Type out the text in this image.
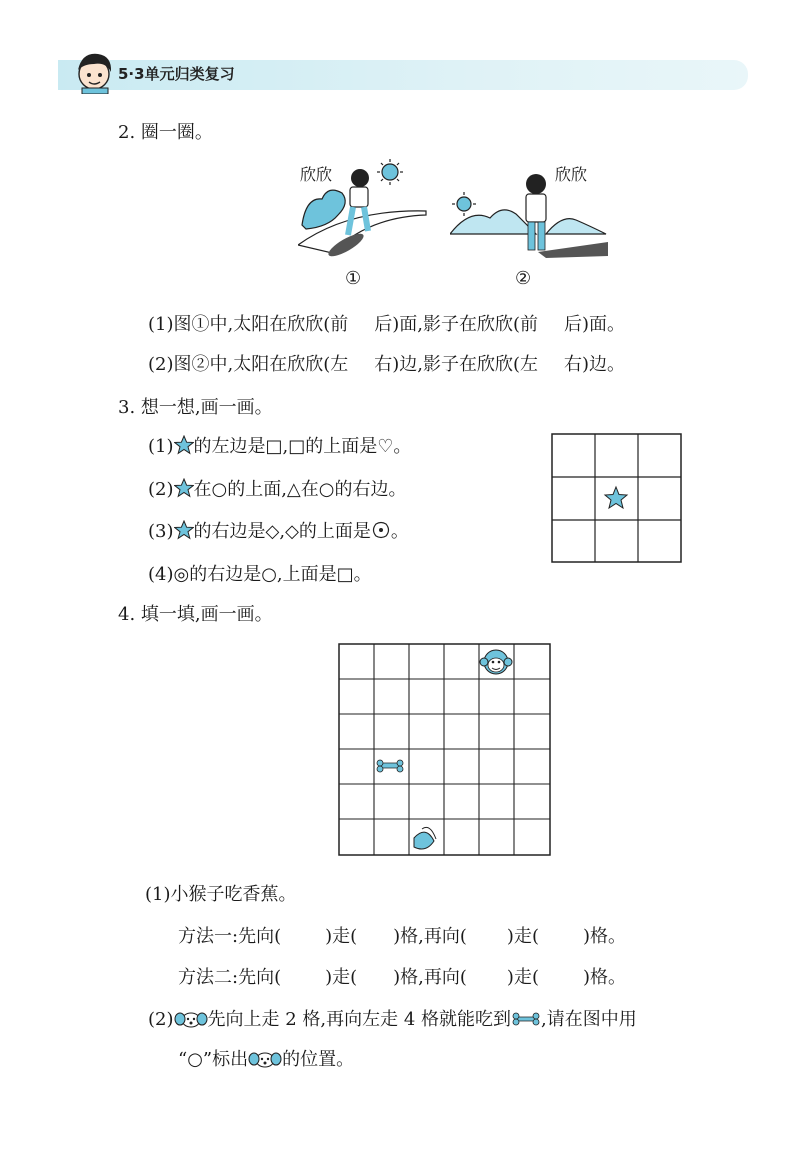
5·3单元归类复习
2. 圈一圈。
欣欣
①
欣欣
②
(1)图①中,太阳在欣欣(前 后)面,影子在欣欣(前 后)面。
(2)图②中,太阳在欣欣(左 右)边,影子在欣欣(左 右)边。
3. 想一想,画一画。
(1) 的左边是□,□的上面是♡。
(2) 在○的上面,△在○的右边。
(3) 的右边是◇,◇的上面是 。
(4)◎的右边是○,上面是□。
4. 填一填,画一画。
(1)小猴子吃香蕉。
方法一:先向( )走( )格,再向( )走( )格。
方法二:先向( )走( )格,再向( )走( )格。
(2) 先向上走 2 格,再向左走 4 格就能吃到 ,请在图中用
“○”标出 的位置。
